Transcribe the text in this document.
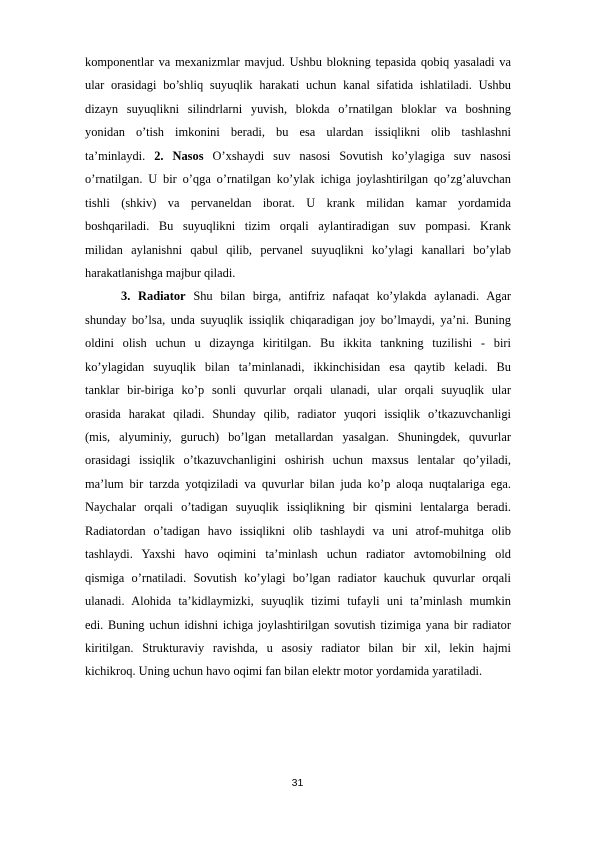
komponentlar va mexanizmlar mavjud. Ushbu blokning tepasida qobiq yasaladi va
ular orasidagi bo’shliq suyuqlik harakati uchun kanal sifatida ishlatiladi. Ushbu
dizayn suyuqlikni silindrlarni yuvish, blokda o’rnatilgan bloklar va boshning
yonidan o’tish imkonini beradi, bu esa ulardan issiqlikni olib tashlashni
ta’minlaydi. 2. Nasos O’xshaydi suv nasosi Sovutish ko’ylagiga suv nasosi
o’rnatilgan. U bir o’qga o’rnatilgan ko’ylak ichiga joylashtirilgan qo’zg’aluvchan
tishli (shkiv) va pervaneldan iborat. U krank milidan kamar yordamida
boshqariladi. Bu suyuqlikni tizim orqali aylantiradigan suv pompasi. Krank
milidan aylanishni qabul qilib, pervanel suyuqlikni ko’ylagi kanallari bo’ylab
harakatlanishga majbur qiladi.
3. Radiator Shu bilan birga, antifriz nafaqat ko’ylakda aylanadi. Agar
shunday bo’lsa, unda suyuqlik issiqlik chiqaradigan joy bo’lmaydi, ya’ni. Buning
oldini olish uchun u dizaynga kiritilgan. Bu ikkita tankning tuzilishi - biri
ko’ylagidan suyuqlik bilan ta’minlanadi, ikkinchisidan esa qaytib keladi. Bu
tanklar bir-biriga ko’p sonli quvurlar orqali ulanadi, ular orqali suyuqlik ular
orasida harakat qiladi. Shunday qilib, radiator yuqori issiqlik o’tkazuvchanligi
(mis, alyuminiy, guruch) bo’lgan metallardan yasalgan. Shuningdek, quvurlar
orasidagi issiqlik o’tkazuvchanligini oshirish uchun maxsus lentalar qo’yiladi,
ma’lum bir tarzda yotqiziladi va quvurlar bilan juda ko’p aloqa nuqtalariga ega.
Naychalar orqali o’tadigan suyuqlik issiqlikning bir qismini lentalarga beradi.
Radiatordan o’tadigan havo issiqlikni olib tashlaydi va uni atrof-muhitga olib
tashlaydi. Yaxshi havo oqimini ta’minlash uchun radiator avtomobilning old
qismiga o’rnatiladi. Sovutish ko’ylagi bo’lgan radiator kauchuk quvurlar orqali
ulanadi. Alohida ta’kidlaymizki, suyuqlik tizimi tufayli uni ta’minlash mumkin
edi. Buning uchun idishni ichiga joylashtirilgan sovutish tizimiga yana bir radiator
kiritilgan. Strukturaviy ravishda, u asosiy radiator bilan bir xil, lekin hajmi
kichikroq. Uning uchun havo oqimi fan bilan elektr motor yordamida yaratiladi.
31
